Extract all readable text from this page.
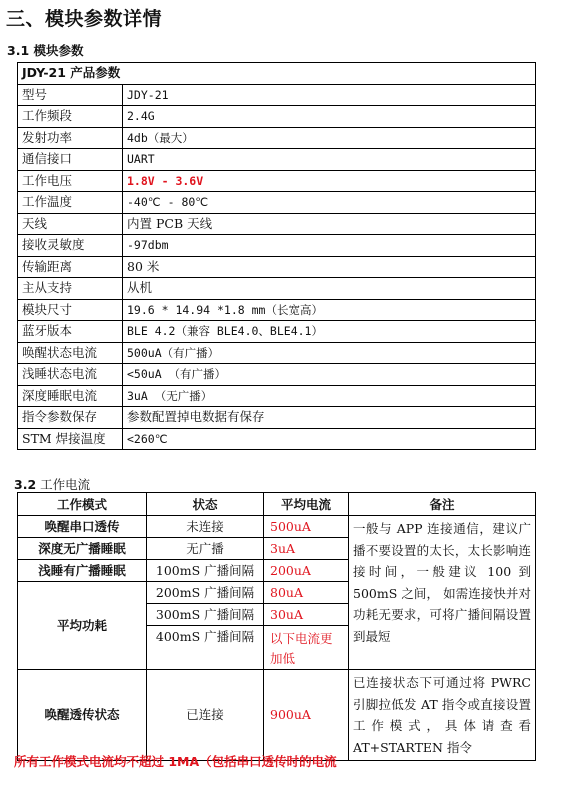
三、模块参数详情
3.1 模块参数
JDY-21 产品参数	
型号	JDY-21
工作频段	2.4G
发射功率	4db（最大）
通信接口	UART
工作电压	1.8V - 3.6V
工作温度	-40℃ - 80℃
天线	内置 PCB 天线
接收灵敏度	-97dbm
传输距离	80 米
主从支持	从机
模块尺寸	19.6 * 14.94 *1.8 mm（长宽高）
蓝牙版本	BLE 4.2（兼容 BLE4.0、BLE4.1）
唤醒状态电流	500uA（有广播）
浅睡状态电流	<50uA （有广播）
深度睡眠电流	3uA （无广播）
指令参数保存	参数配置掉电数据有保存
STM 焊接温度	<260℃
3.2 工作电流
工作模式	状态	平均电流	备注
唤醒串口透传	未连接	500uA	一般与 APP 连接通信，建议广播不要设置的太长，太长影响连接时间，一般建议 100 到 500mS 之间， 如需连接快并对功耗无要求，可将广播间隔设置到最短
深度无广播睡眠	无广播	3uA	
浅睡有广播睡眠	100mS 广播间隔	200uA	
平均功耗	200mS 广播间隔	80uA	
	300mS 广播间隔	30uA	
	400mS 广播间隔	以下电流更加低	

唤醒透传状态	已连接	900uA	已连接状态下可通过将 PWRC 引脚拉低发 AT 指令或直接设置工作模式，具体请查看 AT+STARTEN 指令
所有工作模式电流均不超过 1MA（包括串口透传时的电流
